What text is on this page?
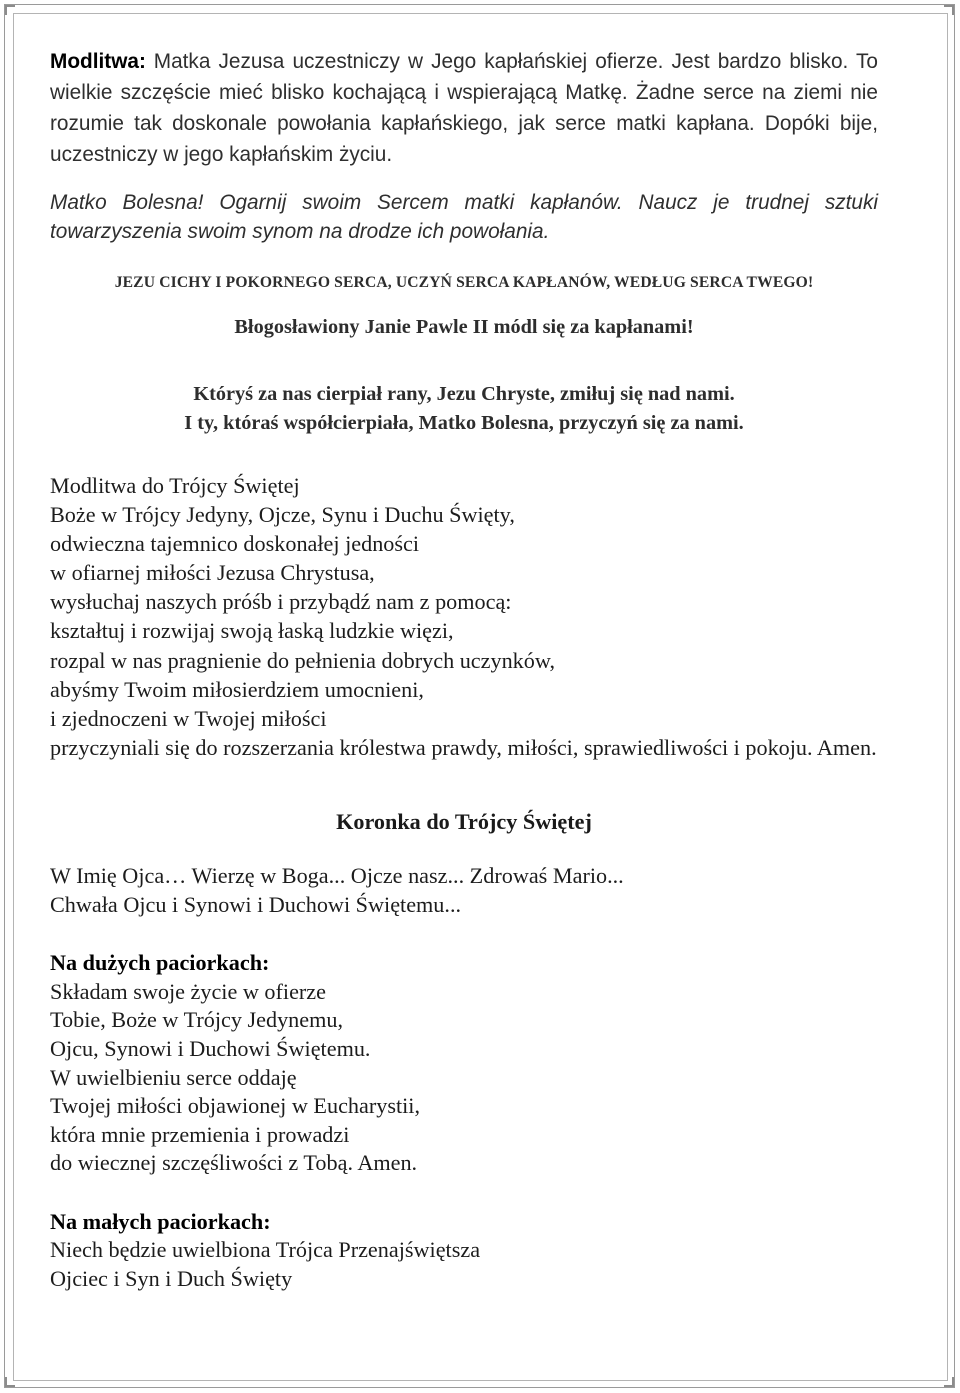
Modlitwa: Matka Jezusa uczestniczy w Jego kapłańskiej ofierze. Jest bardzo blisko. To wielkie szczęście mieć blisko kochającą i wspierającą Matkę. Żadne serce na ziemi nie rozumie tak doskonale powołania kapłańskiego, jak serce matki kapłana. Dopóki bije, uczestniczy w jego kapłańskim życiu.

Matko Bolesna! Ogarnij swoim Sercem matki kapłanów. Naucz je trudnej sztuki towarzyszenia swoim synom na drodze ich powołania.

JEZU CICHY I POKORNEGO SERCA, UCZYŃ SERCA KAPŁANÓW, WEDŁUG SERCA TWEGO!

Błogosławiony Janie Pawle II módl się za kapłanami!

Któryś za nas cierpiał rany, Jezu Chryste, zmiłuj się nad nami.
I ty, któraś współcierpiała, Matko Bolesna, przyczyń się za nami.
Modlitwa do Trójcy Świętej
Boże w Trójcy Jedyny, Ojcze, Synu i Duchu Święty,
odwieczna tajemnico doskonałej jedności
w ofiarnej miłości Jezusa Chrystusa,
wysłuchaj naszych próśb i przybądź nam z pomocą:
kształtuj i rozwijaj swoją łaską ludzkie więzi,
rozpal w nas pragnienie do pełnienia dobrych uczynków,
abyśmy Twoim miłosierdziem umocnieni,
i zjednoczeni w Twojej miłości
przyczyniali się do rozszerzania królestwa prawdy, miłości, sprawiedliwości i pokoju. Amen.
Koronka do Trójcy Świętej
W Imię Ojca… Wierzę w Boga... Ojcze nasz... Zdrowaś Mario...
Chwała Ojcu i Synowi i Duchowi Świętemu...
Na dużych paciorkach:
Składam swoje życie w ofierze
Tobie, Boże w Trójcy Jedynemu,
Ojcu, Synowi i Duchowi Świętemu.
W uwielbieniu serce oddaję
Twojej miłości objawionej w Eucharystii,
która mnie przemienia i prowadzi
do wiecznej szczęśliwości z Tobą. Amen.
Na małych paciorkach:
Niech będzie uwielbiona Trójca Przenajświętsza
Ojciec i Syn i Duch Święty
